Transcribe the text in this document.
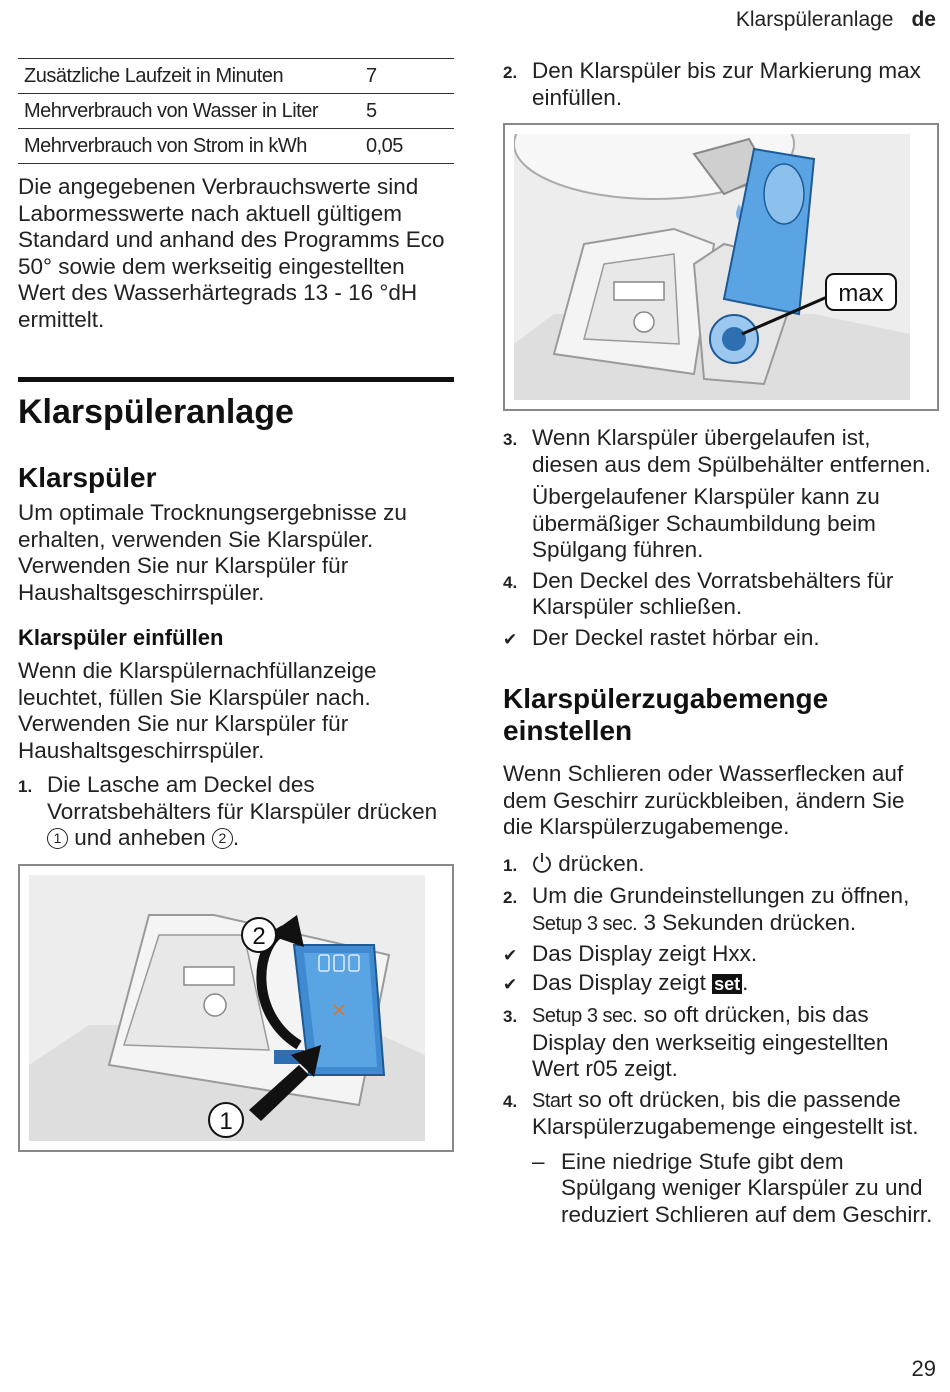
Klarspüleranlage de
Zusätzliche Laufzeit in Minuten	7
Mehrverbrauch von Wasser in Liter	5
Mehrverbrauch von Strom in kWh	0,05

Die angegebenen Verbrauchswerte sind Labormesswerte nach aktuell gültigem Standard und anhand des Programms Eco 50° sowie dem werkseitig eingestellten Wert des Wasserhärtegrads 13 - 16 °dH ermittelt.

Klarspüleranlage
Klarspüler

Um optimale Trocknungsergebnisse zu erhalten, verwenden Sie Klarspüler.

Verwenden Sie nur Klarspüler für Haushaltsgeschirrspüler.

Klarspüler einfüllen

Wenn die Klarspülernachfüllanzeige leuchtet, füllen Sie Klarspüler nach.

Verwenden Sie nur Klarspüler für Haushaltsgeschirrspüler.

1. Die Lasche am Deckel des Vorratsbehälters für Klarspüler drücken 1 und anheben 2 .
2
1
2. Den Klarspüler bis zur Markierung max einfüllen.
max
3. Wenn Klarspüler übergelaufen ist, diesen aus dem Spülbehälter entfernen.
Übergelaufener Klarspüler kann zu übermäßiger Schaumbildung beim Spülgang führen.
4. Den Deckel des Vorratsbehälters für Klarspüler schließen.
✔ Der Deckel rastet hörbar ein.
Klarspülerzugabemenge einstellen

Wenn Schlieren oder Wasserflecken auf dem Geschirr zurückbleiben, ändern Sie die Klarspülerzugabemenge.

1.	drücken.
2. Um die Grundeinstellungen zu öffnen, Setup 3 sec. 3 Sekunden drücken.
✔ Das Display zeigt Hxx.
✔ Das Display zeigt set.
3. Setup 3 sec. so oft drücken, bis das Display den werkseitig eingestellten Wert r05 zeigt.
4. Start so oft drücken, bis die passende Klarspülerzugabemenge eingestellt ist.
– Eine niedrige Stufe gibt dem Spülgang weniger Klarspüler zu und reduziert Schlieren auf dem Geschirr.
29
